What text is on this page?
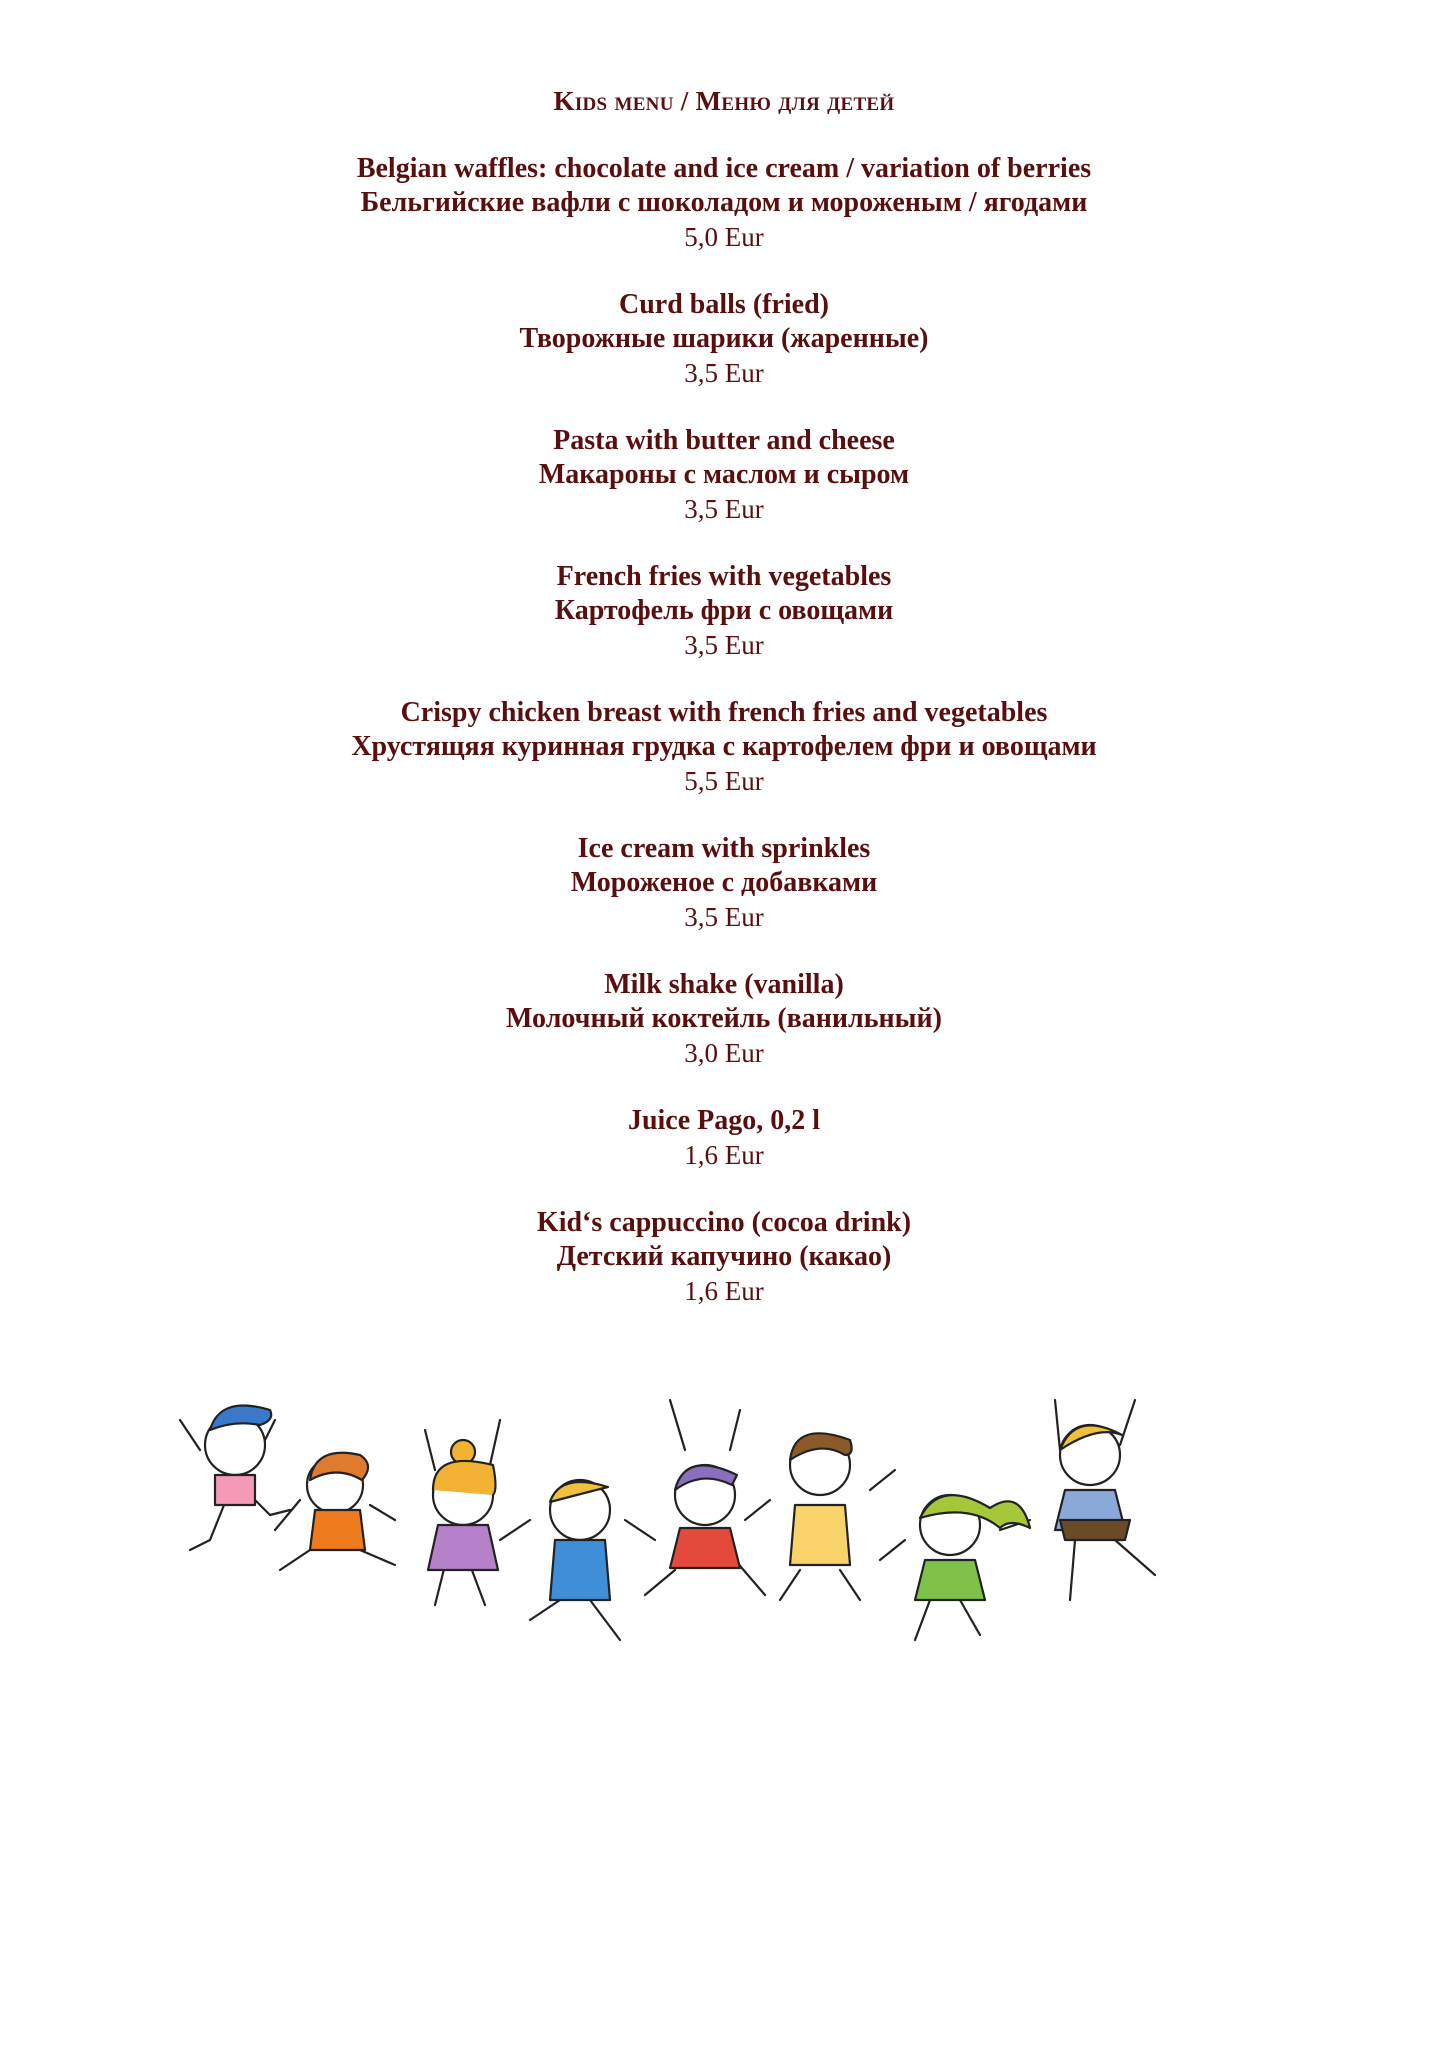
Kids menu / Меню для детей
Belgian waffles: chocolate and ice cream / variation of berries
Бельгийские вафли с шоколадом и мороженым / ягодами
5,0 Eur
Curd balls (fried)
Творожные шарики (жаренные)
3,5 Eur
Pasta with butter and cheese
Макароны с маслом и сыром
3,5 Eur
French fries with vegetables
Картофель фри с овощами
3,5 Eur
Crispy chicken breast with french fries and vegetables
Хрустящяя куринная грудка с картофелем фри и овощами
5,5 Eur
Ice cream with sprinkles
Мороженое с добавками
3,5 Eur
Milk shake (vanilla)
Молочный коктейль (ванильный)
3,0 Eur
Juice Pago, 0,2 l
1,6 Eur
Kid‘s cappuccino (cocoa drink)
Детский капучино (какао)
1,6 Eur
